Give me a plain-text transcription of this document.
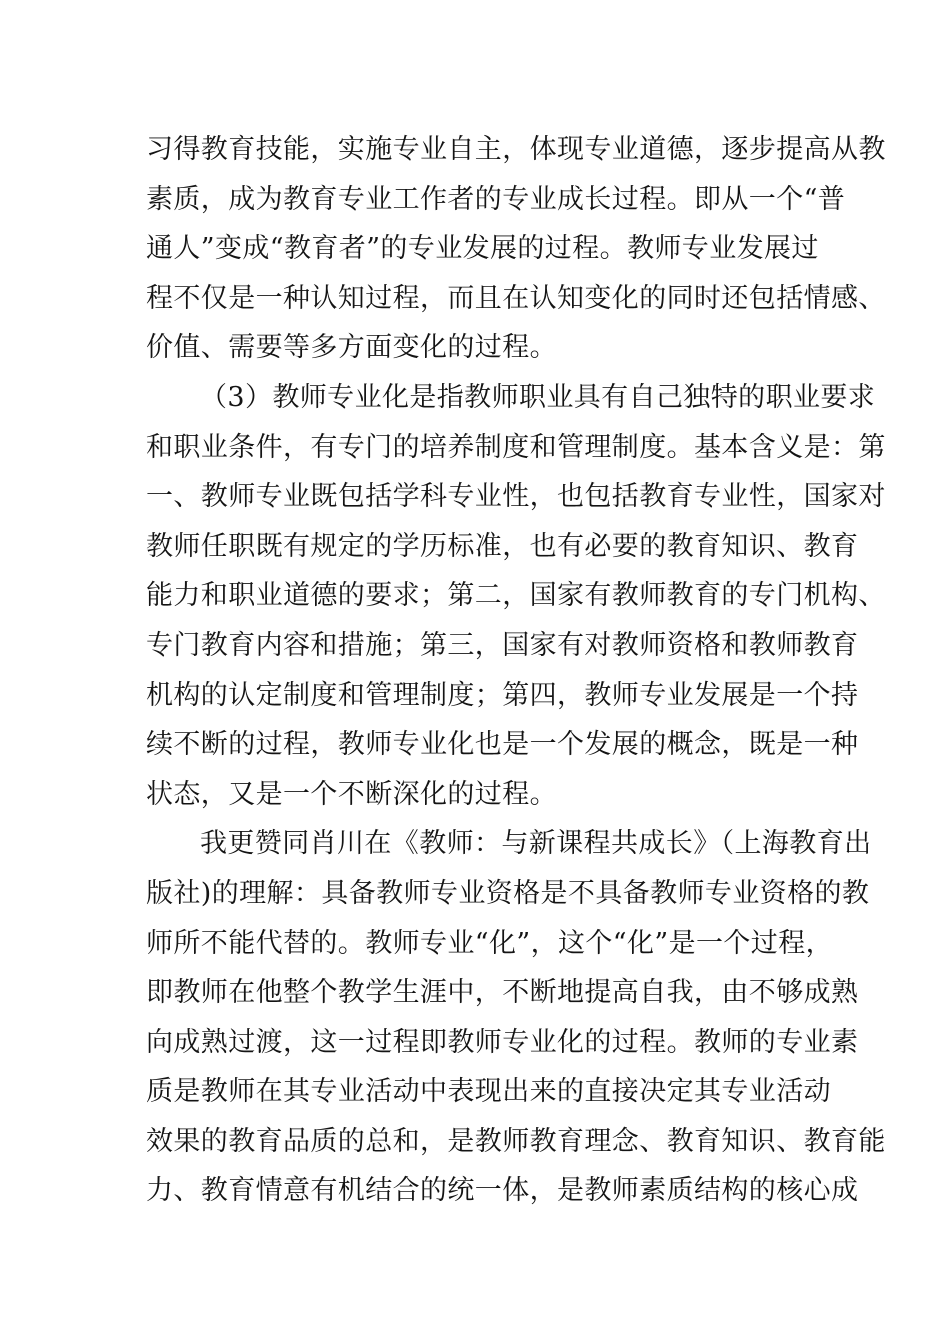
习得教育技能，实施专业自主，体现专业道德，逐步提高从教
素质，成为教育专业工作者的专业成长过程。即从一个“普
通人”变成“教育者”的专业发展的过程。教师专业发展过
程不仅是一种认知过程，而且在认知变化的同时还包括情感、
价值、需要等多方面变化的过程。
（3）教师专业化是指教师职业具有自己独特的职业要求
和职业条件，有专门的培养制度和管理制度。基本含义是：第
一、教师专业既包括学科专业性，也包括教育专业性，国家对
教师任职既有规定的学历标准，也有必要的教育知识、教育
能力和职业道德的要求；第二，国家有教师教育的专门机构、
专门教育内容和措施；第三，国家有对教师资格和教师教育
机构的认定制度和管理制度；第四，教师专业发展是一个持
续不断的过程，教师专业化也是一个发展的概念，既是一种
状态，又是一个不断深化的过程。
我更赞同肖川在《教师：与新课程共成长》（上海教育出
版社)的理解：具备教师专业资格是不具备教师专业资格的教
师所不能代替的。教师专业“化”，这个“化”是一个过程，
即教师在他整个教学生涯中，不断地提高自我，由不够成熟
向成熟过渡，这一过程即教师专业化的过程。教师的专业素
质是教师在其专业活动中表现出来的直接决定其专业活动
效果的教育品质的总和，是教师教育理念、教育知识、教育能
力、教育情意有机结合的统一体，是教师素质结构的核心成
